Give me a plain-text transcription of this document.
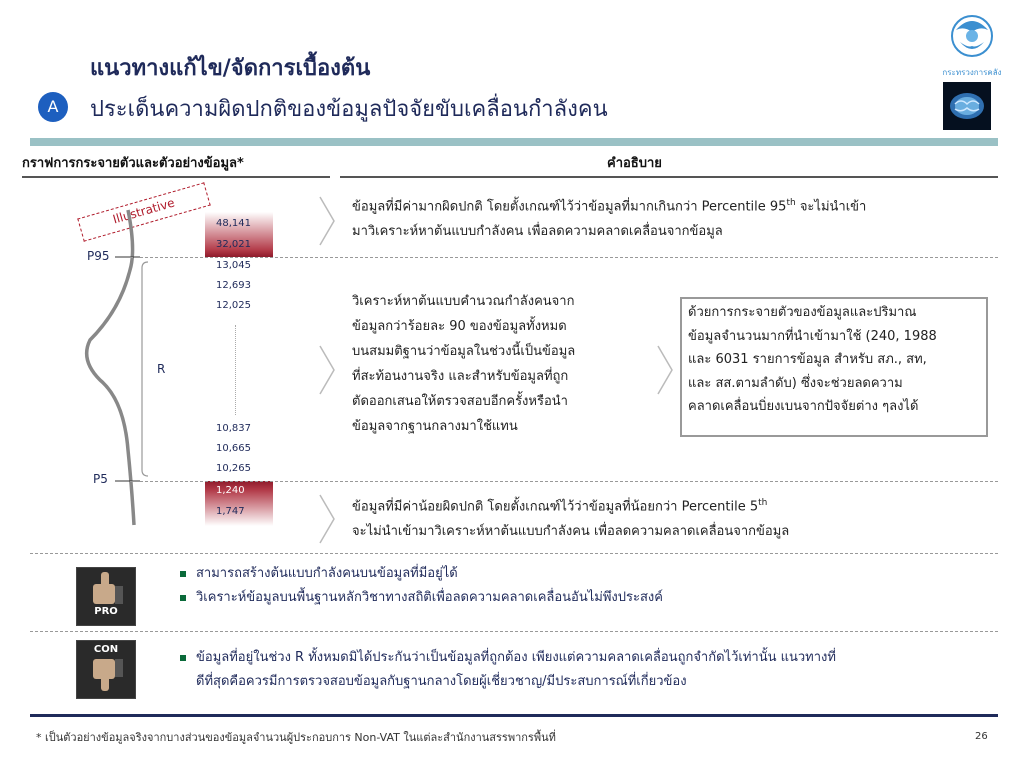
แนวทางแก้ไข/จัดการเบื้องต้น
A	ประเด็นความผิดปกติของข้อมูลปัจจัยขับเคลื่อนกำลังคน
กระทรวงการคลัง
กราฟการกระจายตัวและตัวอย่างข้อมูล*	คำอธิบาย
Illustrative
P95
P5
R
48,141
32,021
13,045
12,693
12,025
10,837
10,665
10,265
1,240
1,747
ข้อมูลที่มีค่ามากผิดปกติ โดยตั้งเกณฑ์ไว้ว่าข้อมูลที่มากเกินกว่า Percentile 95th จะไม่นำเข้า
มาวิเคราะห์หาต้นแบบกำลังคน เพื่อลดความคลาดเคลื่อนจากข้อมูล
วิเคราะห์หาต้นแบบคำนวณกำลังคนจาก
ข้อมูลกว่าร้อยละ 90 ของข้อมูลทั้งหมด
บนสมมติฐานว่าข้อมูลในช่วงนี้เป็นข้อมูล
ที่สะท้อนงานจริง และสำหรับข้อมูลที่ถูก
ตัดออกเสนอให้ตรวจสอบอีกครั้งหรือนำ
ข้อมูลจากฐานกลางมาใช้แทน
ด้วยการกระจายตัวของข้อมูลและปริมาณ
ข้อมูลจำนวนมากที่นำเข้ามาใช้ (240, 1988
และ 6031 รายการข้อมูล สำหรับ สภ., สท,
และ สส.ตามลำดับ) ซึ่งจะช่วยลดความ
คลาดเคลื่อนบิ่ยงเบนจากปัจจัยต่าง ๆลงได้
ข้อมูลที่มีค่าน้อยผิดปกติ โดยตั้งเกณฑ์ไว้ว่าข้อมูลที่น้อยกว่า Percentile 5th
จะไม่นำเข้ามาวิเคราะห์หาต้นแบบกำลังคน เพื่อลดความคลาดเคลื่อนจากข้อมูล
PRO
สามารถสร้างต้นแบบกำลังคนบนข้อมูลที่มีอยู่ได้
วิเคราะห์ข้อมูลบนพื้นฐานหลักวิชาทางสถิติเพื่อลดความคลาดเคลื่อนอันไม่พึงประสงค์
CON
ข้อมูลที่อยู่ในช่วง R ทั้งหมดมิได้ประกันว่าเป็นข้อมูลที่ถูกต้อง เพียงแต่ความคลาดเคลื่อนถูกจำกัดไว้เท่านั้น แนวทางที่
ดีที่สุดคือควรมีการตรวจสอบข้อมูลกับฐานกลางโดยผู้เชี่ยวชาญ/มีประสบการณ์ที่เกี่ยวข้อง
* เป็นตัวอย่างข้อมูลจริงจากบางส่วนของข้อมูลจำนวนผู้ประกอบการ Non-VAT ในแต่ละสำนักงานสรรพากรพื้นที่	26
